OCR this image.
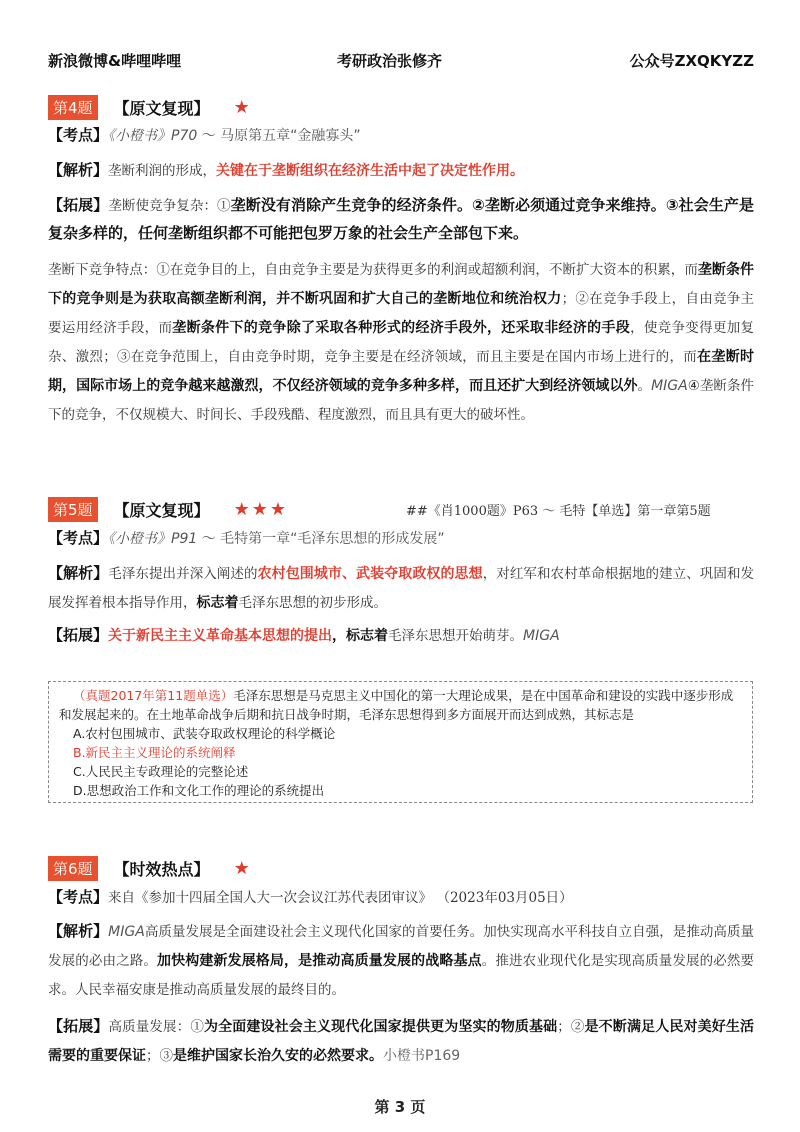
新浪微博&哔哩哔哩	考研政治张修齐	公众号ZXQKYZZ
第4题	【原文复现】 ★
【考点】《小橙书》P70 ～ 马原第五章“金融寡头”
【解析】垄断利润的形成，关键在于垄断组织在经济生活中起了决定性作用。
【拓展】垄断使竞争复杂：①垄断没有消除产生竞争的经济条件。②垄断必须通过竞争来维持。③社会生产是复杂多样的，任何垄断组织都不可能把包罗万象的社会生产全部包下来。
垄断下竞争特点：①在竞争目的上，自由竞争主要是为获得更多的利润或超额利润，不断扩大资本的积累，而垄断条件下的竞争则是为获取高额垄断利润，并不断巩固和扩大自己的垄断地位和统治权力；②在竞争手段上，自由竞争主要运用经济手段，而垄断条件下的竞争除了采取各种形式的经济手段外，还采取非经济的手段，使竞争变得更加复杂、激烈；③在竞争范围上，自由竞争时期，竞争主要是在经济领域，而且主要是在国内市场上进行的，而在垄断时期，国际市场上的竞争越来越激烈，不仅经济领域的竞争多种多样，而且还扩大到经济领域以外。MIGA④垄断条件下的竞争，不仅规模大、时间长、手段残酷、程度激烈，而且具有更大的破坏性。
第5题	【原文复现】 ★★★	##《肖1000题》P63 ～ 毛特【单选】第一章第5题
【考点】《小橙书》P91 ～ 毛特第一章“毛泽东思想的形成发展”
【解析】毛泽东提出并深入阐述的农村包围城市、武装夺取政权的思想，对红军和农村革命根据地的建立、巩固和发展发挥着根本指导作用，标志着毛泽东思想的初步形成。
【拓展】关于新民主主义革命基本思想的提出，标志着毛泽东思想开始萌芽。MIGA
（真题2017年第11题单选）毛泽东思想是马克思主义中国化的第一大理论成果，是在中国革命和建设的实践中逐步形成和发展起来的。在土地革命战争后期和抗日战争时期，毛泽东思想得到多方面展开而达到成熟，其标志是
A.农村包围城市、武装夺取政权理论的科学概论
B.新民主主义理论的系统阐释
C.人民民主专政理论的完整论述
D.思想政治工作和文化工作的理论的系统提出
第6题	【时效热点】 ★
【考点】来自《参加十四届全国人大一次会议江苏代表团审议》 （2023年03月05日）
【解析】MIGA高质量发展是全面建设社会主义现代化国家的首要任务。加快实现高水平科技自立自强，是推动高质量发展的必由之路。加快构建新发展格局，是推动高质量发展的战略基点。推进农业现代化是实现高质量发展的必然要求。人民幸福安康是推动高质量发展的最终目的。
【拓展】高质量发展：①为全面建设社会主义现代化国家提供更为坚实的物质基础；②是不断满足人民对美好生活需要的重要保证；③是维护国家长治久安的必然要求。小橙书P169
第 3 页
